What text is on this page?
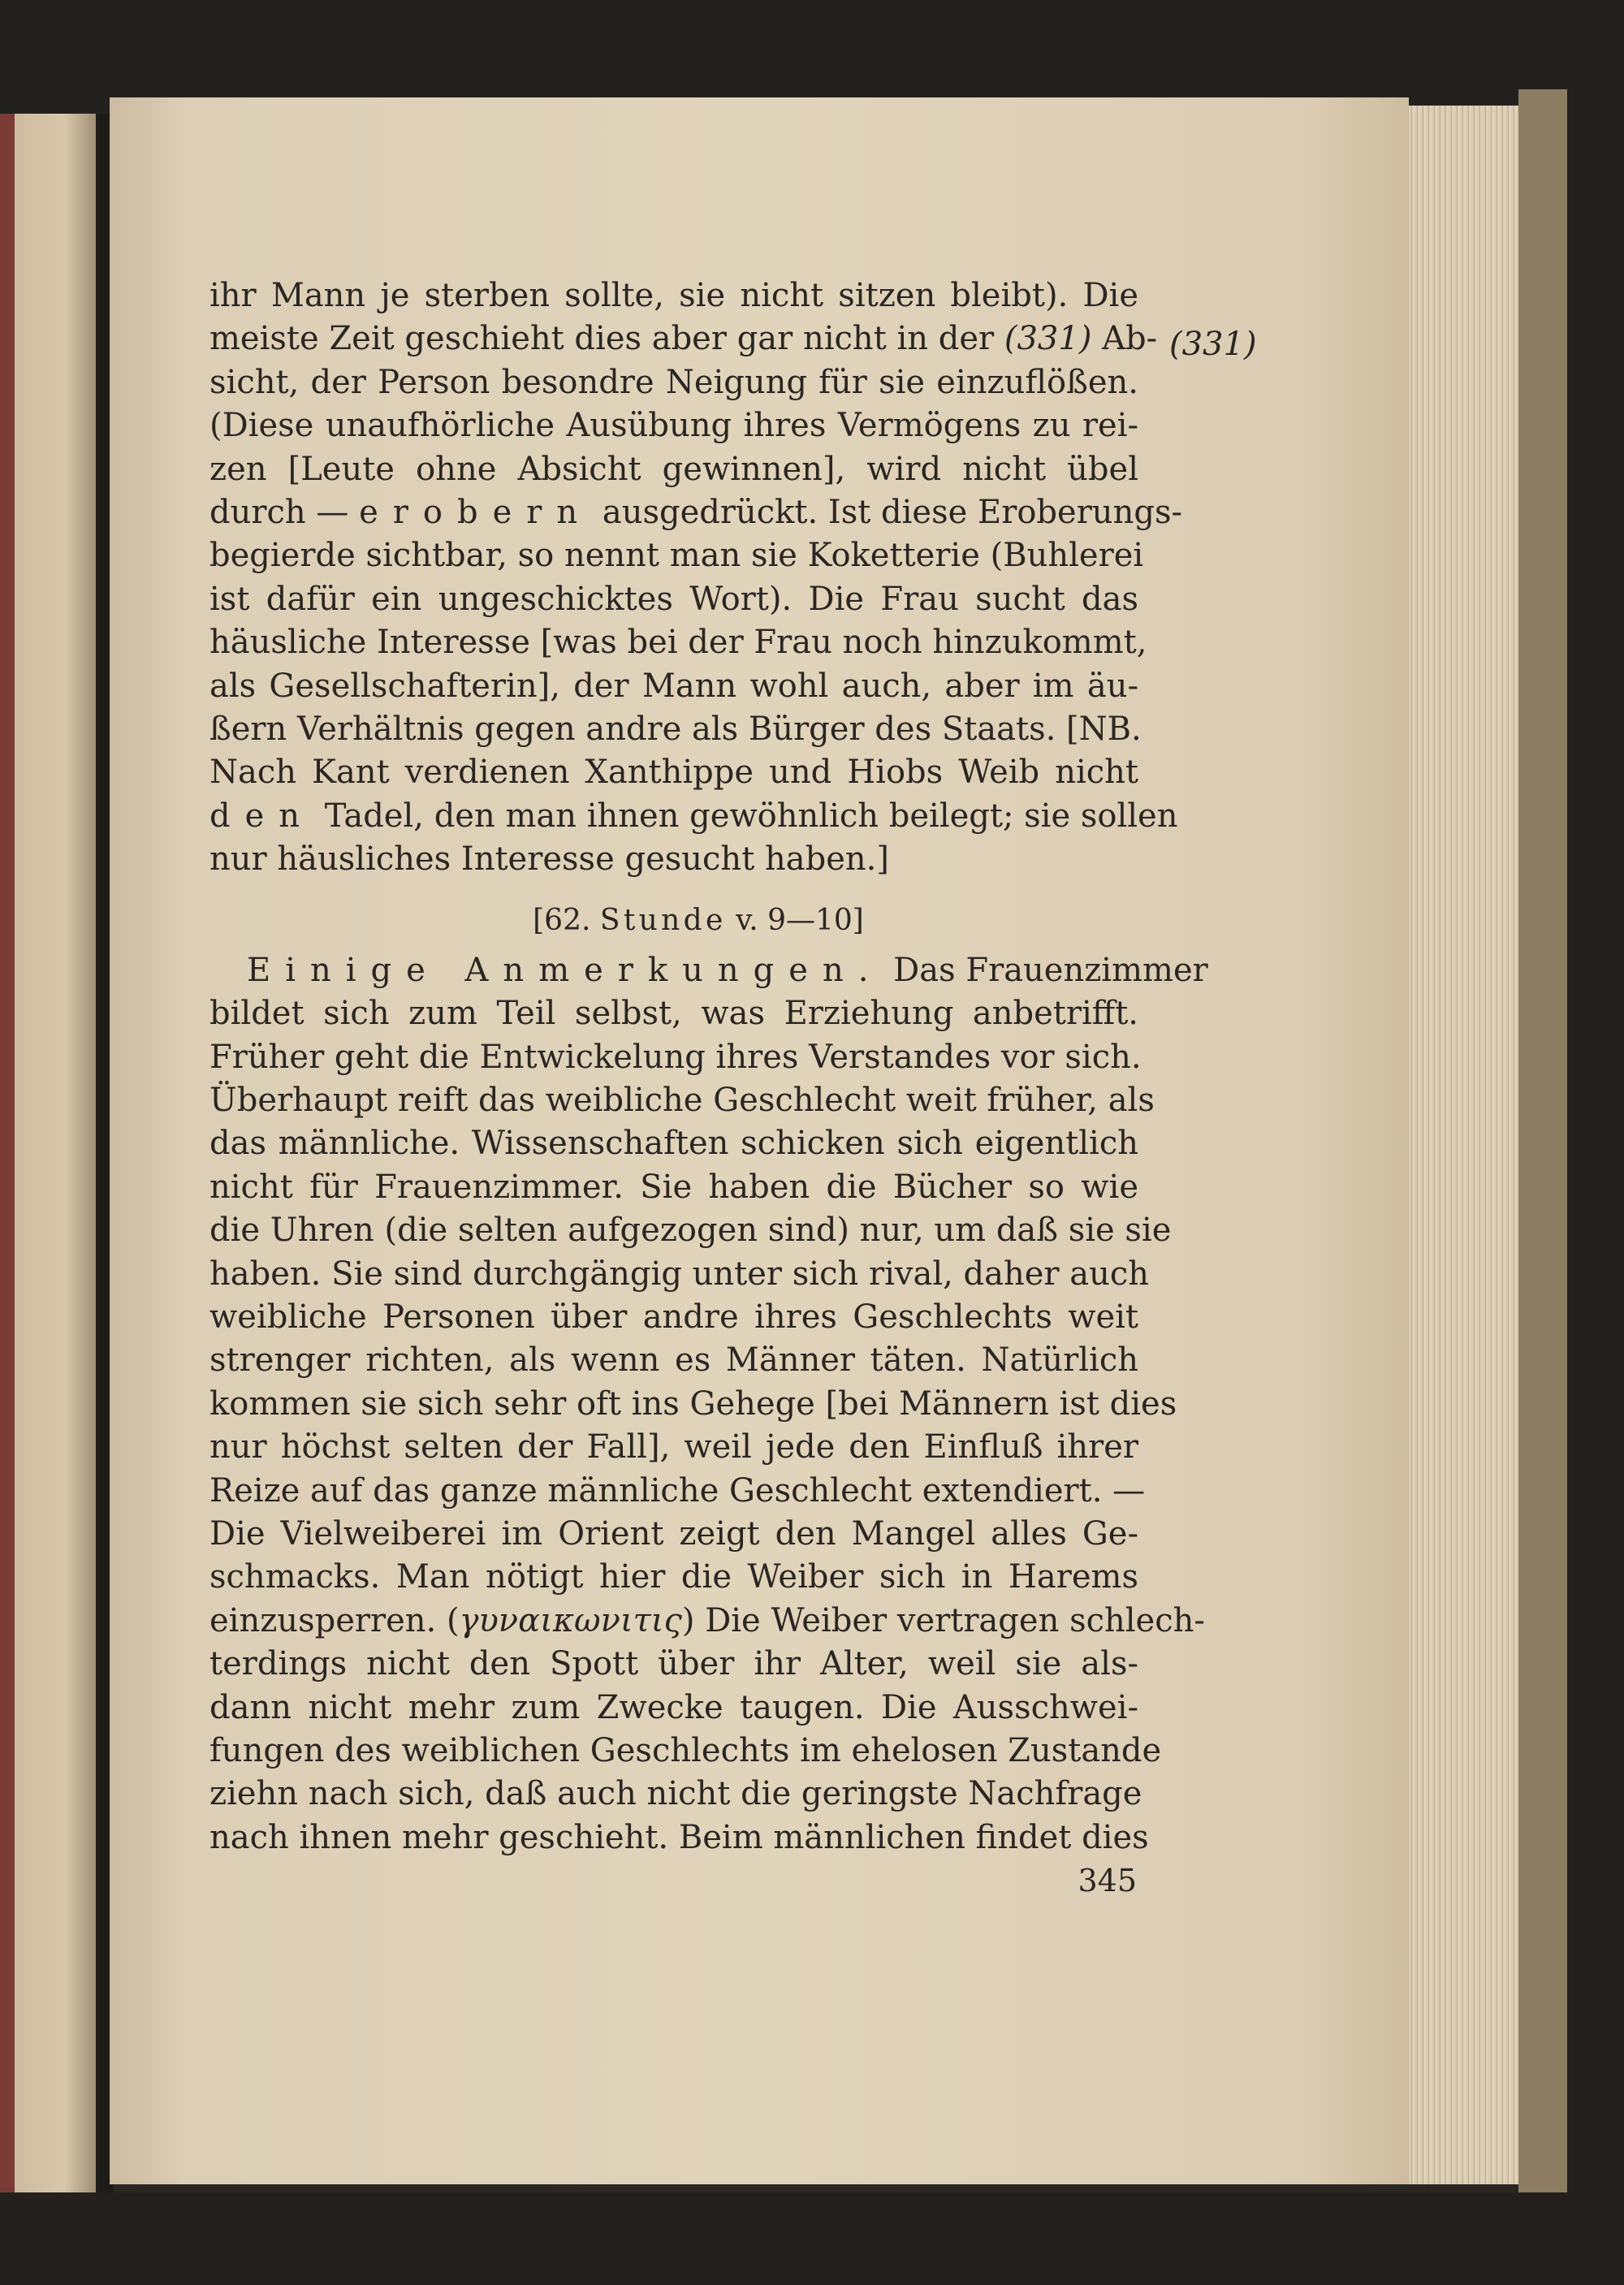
(331)
ihr Mann je sterben sollte, sie nicht sitzen bleibt). Die
meiste Zeit geschieht dies aber gar nicht in der (331) Ab-
sicht, der Person besondre Neigung für sie einzuflößen.
(Diese unaufhörliche Ausübung ihres Vermögens zu rei-
zen [Leute ohne Absicht gewinnen], wird nicht übel
durch — erobern ausgedrückt. Ist diese Eroberungs-
begierde sichtbar, so nennt man sie Koketterie (Buhlerei
ist dafür ein ungeschicktes Wort). Die Frau sucht das
häusliche Interesse [was bei der Frau noch hinzukommt,
als Gesellschafterin], der Mann wohl auch, aber im äu-
ßern Verhältnis gegen andre als Bürger des Staats. [NB.
Nach Kant verdienen Xanthippe und Hiobs Weib nicht
den Tadel, den man ihnen gewöhnlich beilegt; sie sollen
nur häusliches Interesse gesucht haben.]
[62. Stunde v. 9—10]
Einige Anmerkungen. Das Frauenzimmer
bildet sich zum Teil selbst, was Erziehung anbetrifft.
Früher geht die Entwickelung ihres Verstandes vor sich.
Überhaupt reift das weibliche Geschlecht weit früher, als
das männliche. Wissenschaften schicken sich eigentlich
nicht für Frauenzimmer. Sie haben die Bücher so wie
die Uhren (die selten aufgezogen sind) nur, um daß sie sie
haben. Sie sind durchgängig unter sich rival, daher auch
weibliche Personen über andre ihres Geschlechts weit
strenger richten, als wenn es Männer täten. Natürlich
kommen sie sich sehr oft ins Gehege [bei Männern ist dies
nur höchst selten der Fall], weil jede den Einfluß ihrer
Reize auf das ganze männliche Geschlecht extendiert. —
Die Vielweiberei im Orient zeigt den Mangel alles Ge-
schmacks. Man nötigt hier die Weiber sich in Harems
einzusperren. (γυναικωνιτις) Die Weiber vertragen schlech-
terdings nicht den Spott über ihr Alter, weil sie als-
dann nicht mehr zum Zwecke taugen. Die Ausschwei-
fungen des weiblichen Geschlechts im ehelosen Zustande
ziehn nach sich, daß auch nicht die geringste Nachfrage
nach ihnen mehr geschieht. Beim männlichen findet dies
345
